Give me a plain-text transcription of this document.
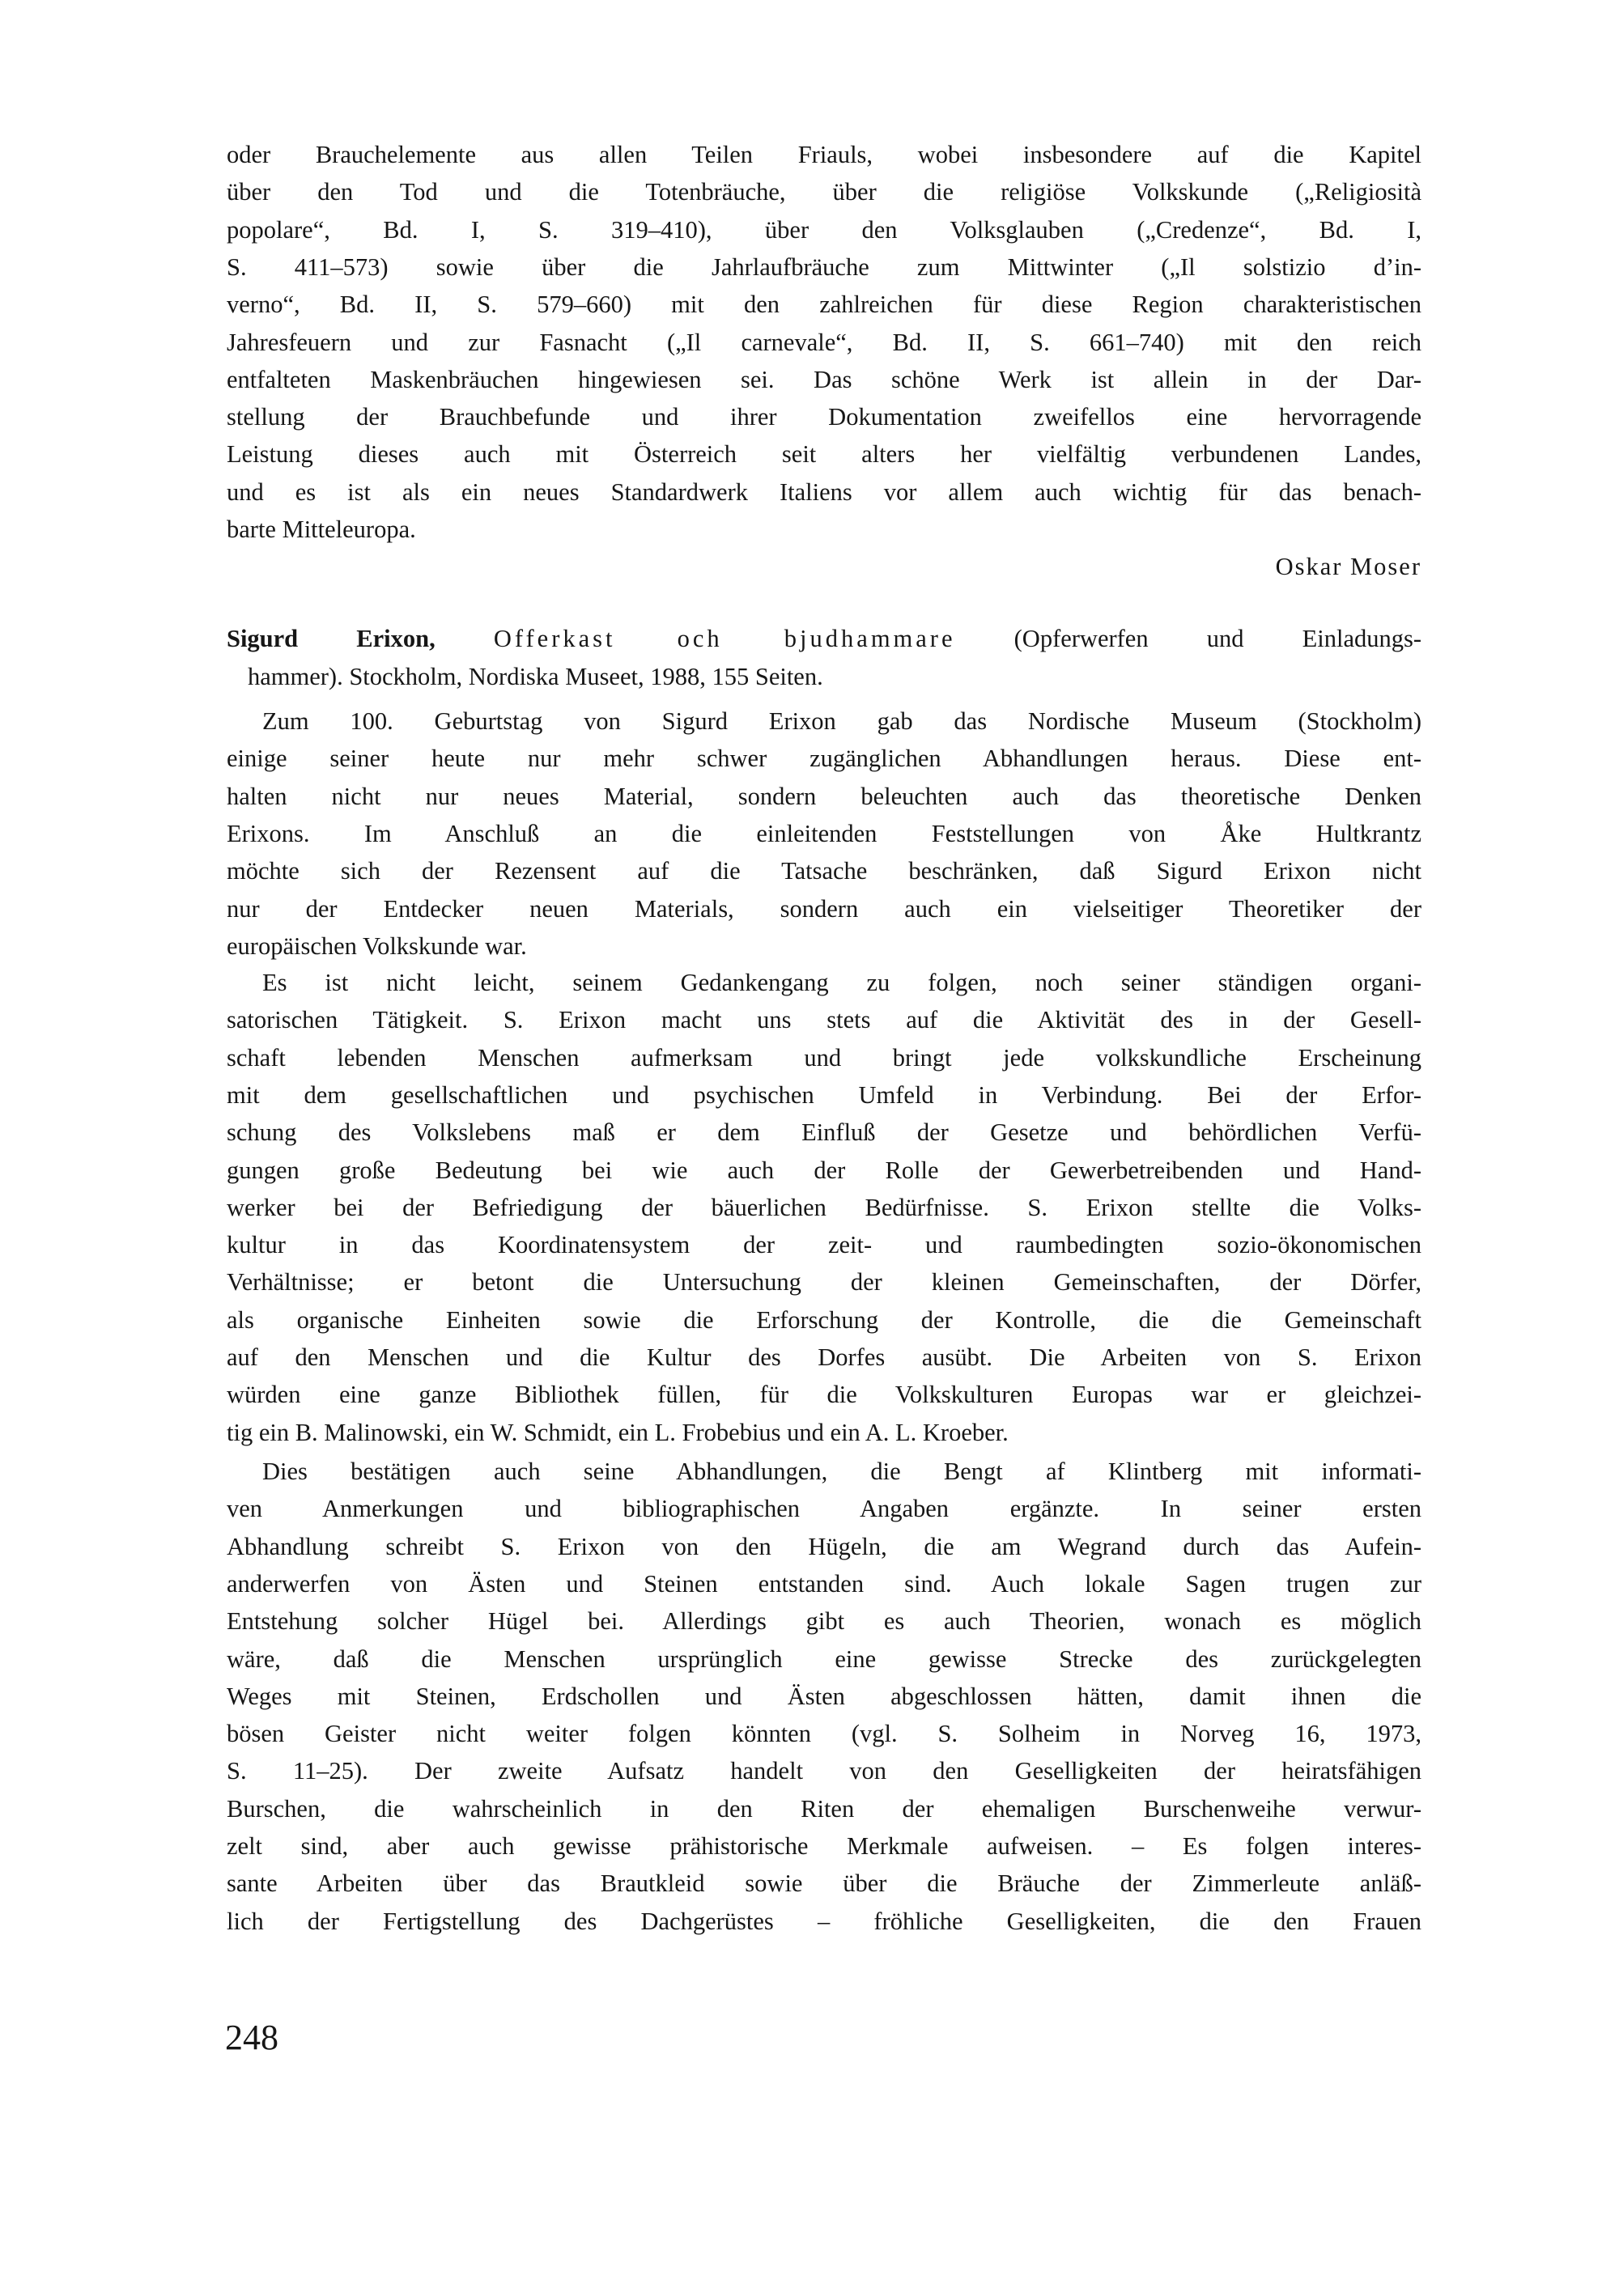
oder Brauchelemente aus allen Teilen Friauls, wobei insbesondere auf die Kapitel
über den Tod und die Totenbräuche, über die religiöse Volkskunde („Religiosità
popolare“, Bd. I, S. 319–410), über den Volksglauben („Credenze“, Bd. I,
S. 411–573) sowie über die Jahrlaufbräuche zum Mittwinter („Il solstizio d’in-
verno“, Bd. II, S. 579–660) mit den zahlreichen für diese Region charakteristischen
Jahresfeuern und zur Fasnacht („Il carnevale“, Bd. II, S. 661–740) mit den reich
entfalteten Maskenbräuchen hingewiesen sei. Das schöne Werk ist allein in der Dar-
stellung der Brauchbefunde und ihrer Dokumentation zweifellos eine hervorragende
Leistung dieses auch mit Österreich seit alters her vielfältig verbundenen Landes,
und es ist als ein neues Standardwerk Italiens vor allem auch wichtig für das benach-
barte Mitteleuropa.
Oskar Moser
Sigurd Erixon, Offerkast och bjudhammare (Opferwerfen und Einladungs-
hammer). Stockholm, Nordiska Museet, 1988, 155 Seiten.
Zum 100. Geburtstag von Sigurd Erixon gab das Nordische Museum (Stockholm)
einige seiner heute nur mehr schwer zugänglichen Abhandlungen heraus. Diese ent-
halten nicht nur neues Material, sondern beleuchten auch das theoretische Denken
Erixons. Im Anschluß an die einleitenden Feststellungen von Åke Hultkrantz
möchte sich der Rezensent auf die Tatsache beschränken, daß Sigurd Erixon nicht
nur der Entdecker neuen Materials, sondern auch ein vielseitiger Theoretiker der
europäischen Volkskunde war.
Es ist nicht leicht, seinem Gedankengang zu folgen, noch seiner ständigen organi-
satorischen Tätigkeit. S. Erixon macht uns stets auf die Aktivität des in der Gesell-
schaft lebenden Menschen aufmerksam und bringt jede volkskundliche Erscheinung
mit dem gesellschaftlichen und psychischen Umfeld in Verbindung. Bei der Erfor-
schung des Volkslebens maß er dem Einfluß der Gesetze und behördlichen Verfü-
gungen große Bedeutung bei wie auch der Rolle der Gewerbetreibenden und Hand-
werker bei der Befriedigung der bäuerlichen Bedürfnisse. S. Erixon stellte die Volks-
kultur in das Koordinatensystem der zeit- und raumbedingten sozio-ökonomischen
Verhältnisse; er betont die Untersuchung der kleinen Gemeinschaften, der Dörfer,
als organische Einheiten sowie die Erforschung der Kontrolle, die die Gemeinschaft
auf den Menschen und die Kultur des Dorfes ausübt. Die Arbeiten von S. Erixon
würden eine ganze Bibliothek füllen, für die Volkskulturen Europas war er gleichzei-
tig ein B. Malinowski, ein W. Schmidt, ein L. Frobebius und ein A. L. Kroeber.
Dies bestätigen auch seine Abhandlungen, die Bengt af Klintberg mit informati-
ven Anmerkungen und bibliographischen Angaben ergänzte. In seiner ersten
Abhandlung schreibt S. Erixon von den Hügeln, die am Wegrand durch das Aufein-
anderwerfen von Ästen und Steinen entstanden sind. Auch lokale Sagen trugen zur
Entstehung solcher Hügel bei. Allerdings gibt es auch Theorien, wonach es möglich
wäre, daß die Menschen ursprünglich eine gewisse Strecke des zurückgelegten
Weges mit Steinen, Erdschollen und Ästen abgeschlossen hätten, damit ihnen die
bösen Geister nicht weiter folgen könnten (vgl. S. Solheim in Norveg 16, 1973,
S. 11–25). Der zweite Aufsatz handelt von den Geselligkeiten der heiratsfähigen
Burschen, die wahrscheinlich in den Riten der ehemaligen Burschenweihe verwur-
zelt sind, aber auch gewisse prähistorische Merkmale aufweisen. – Es folgen interes-
sante Arbeiten über das Brautkleid sowie über die Bräuche der Zimmerleute anläß-
lich der Fertigstellung des Dachgerüstes – fröhliche Geselligkeiten, die den Frauen
248
